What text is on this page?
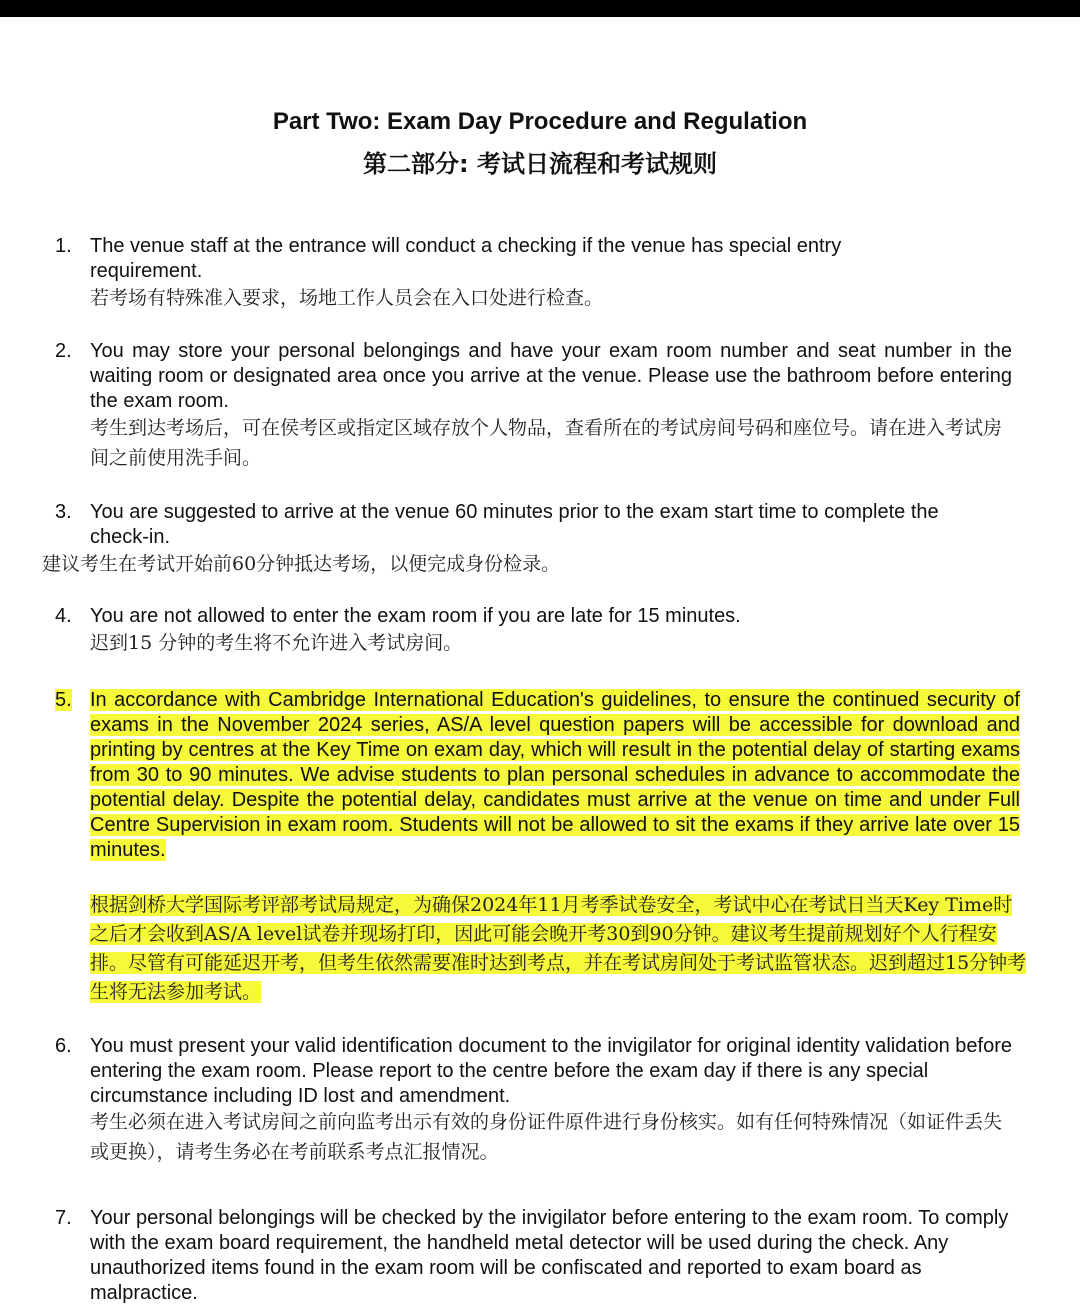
Part Two: Exam Day Procedure and Regulation
第二部分: 考试日流程和考试规则
1. The venue staff at the entrance will conduct a checking if the venue has special entry requirement.

若考场有特殊准入要求，场地工作人员会在入口处进行检查。

2. You may store your personal belongings and have your exam room number and seat number in the waiting room or designated area once you arrive at the venue. Please use the bathroom before entering the exam room.

考生到达考场后，可在侯考区或指定区域存放个人物品，查看所在的考试房间号码和座位号。请在进入考试房间之前使用洗手间。

3. You are suggested to arrive at the venue 60 minutes prior to the exam start time to complete the check-in.

建议考生在考试开始前60分钟抵达考场，以便完成身份检录。

4. You are not allowed to enter the exam room if you are late for 15 minutes.

迟到15 分钟的考生将不允许进入考试房间。

5. In accordance with Cambridge International Education's guidelines, to ensure the continued security of exams in the November 2024 series, AS/A level question papers will be accessible for download and printing by centres at the Key Time on exam day, which will result in the potential delay of starting exams from 30 to 90 minutes. We advise students to plan personal schedules in advance to accommodate the potential delay. Despite the potential delay, candidates must arrive at the venue on time and under Full Centre Supervision in exam room. Students will not be allowed to sit the exams if they arrive late over 15 minutes.

根据剑桥大学国际考评部考试局规定，为确保2024年11月考季试卷安全，考试中心在考试日当天Key Time时之后才会收到AS/A level试卷并现场打印，因此可能会晚开考30到90分钟。建议考生提前规划好个人行程安排。尽管有可能延迟开考，但考生依然需要准时达到考点，并在考试房间处于考试监管状态。迟到超过15分钟考生将无法参加考试。

6. You must present your valid identification document to the invigilator for original identity validation before entering the exam room. Please report to the centre before the exam day if there is any special circumstance including ID lost and amendment.

考生必须在进入考试房间之前向监考出示有效的身份证件原件进行身份核实。如有任何特殊情况（如证件丢失或更换），请考生务必在考前联系考点汇报情况。

7. Your personal belongings will be checked by the invigilator before entering to the exam room. To comply with the exam board requirement, the handheld metal detector will be used during the check. Any unauthorized items found in the exam room will be confiscated and reported to exam board as malpractice.
